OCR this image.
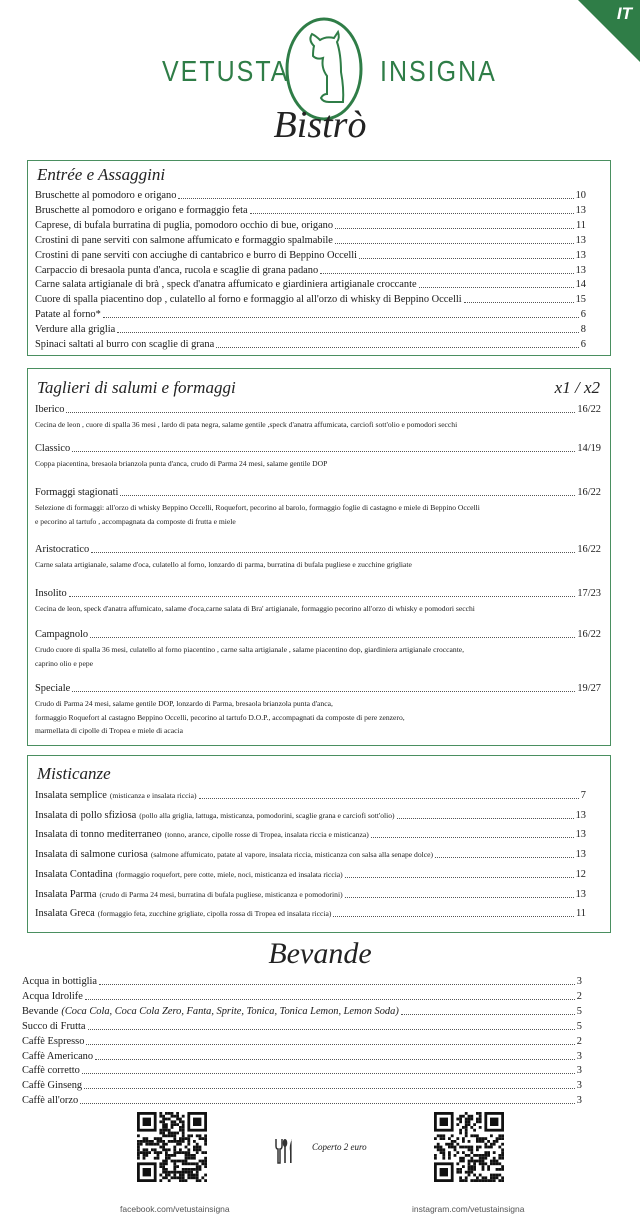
IT
VETUSTA	INSIGNA
Bistrò
Entrée e Assaggini
Taglieri di salumi e formaggi	x1 / x2
Misticanze
Bevande
Bruschette al pomodoro e origano	10
Bruschette al pomodoro e origano e formaggio feta	13
Caprese, di bufala burratina di puglia, pomodoro occhio di bue, origano	11
Crostini di pane serviti con salmone affumicato e formaggio spalmabile	13
Crostini di pane serviti con acciughe di cantabrico e burro di Beppino Occelli	13
Carpaccio di bresaola punta d'anca, rucola e scaglie di grana padano	13
Carne salata artigianale di brà , speck d'anatra affumicato e giardiniera artigianale croccante	14
Cuore di spalla piacentino dop , culatello al forno e formaggio al all'orzo di whisky di Beppino Occelli	15
Patate al forno*	6
Verdure alla griglia	8
Spinaci saltati al burro con scaglie di grana	6
Iberico	16/22
Cecina de leon , cuore di spalla 36 mesi , lardo di pata negra, salame gentile ,speck d'anatra affumicata, carciofi sott'olio e pomodori secchi
Classico	14/19
Coppa piacentina, bresaola brianzola punta d'anca, crudo di Parma 24 mesi, salame gentile DOP
Formaggi stagionati	16/22
Selezione di formaggi: all'orzo di whisky Beppino Occelli, Roquefort, pecorino al barolo, formaggio foglie di castagno e miele di Beppino Occelli
e pecorino al tartufo , accompagnata da composte di frutta e miele
Aristocratico	16/22
Carne salata artigianale, salame d'oca, culatello al forno, lonzardo di parma, burratina di bufala pugliese e zucchine grigliate
Insolito	17/23
Cecina de leon, speck d'anatra affumicato, salame d'oca,carne salata di Bra' artigianale, formaggio pecorino all'orzo di whisky e pomodori secchi
Campagnolo	16/22
Crudo cuore di spalla 36 mesi, culatello al forno piacentino , carne salta artigianale , salame piacentino dop, giardiniera artigianale croccante,
caprino olio e pepe
Speciale	19/27
Crudo di Parma 24 mesi, salame gentile DOP, lonzardo di Parma, bresaola brianzola punta d'anca,
formaggio Roquefort al castagno Beppino Occelli, pecorino al tartufo D.O.P., accompagnati da composte di pere zenzero,
marmellata di cipolle di Tropea e miele di acacia
Insalata semplice (misticanza e insalata riccia)	7
Insalata di pollo sfiziosa (pollo alla griglia, lattuga, misticanza, pomodorini, scaglie grana e carciofi sott'olio)	13
Insalata di tonno mediterraneo (tonno, arance, cipolle rosse di Tropea, insalata riccia e misticanza)	13
Insalata di salmone curiosa (salmone affumicato, patate al vapore, insalata riccia, misticanza con salsa alla senape dolce)	13
Insalata Contadina (formaggio roquefort, pere cotte, miele, noci, misticanza ed insalata riccia)	12
Insalata Parma (crudo di Parma 24 mesi, burratina di bufala pugliese, misticanza e pomodorini)	13
Insalata Greca (formaggio feta, zucchine grigliate, cipolla rossa di Tropea ed insalata riccia)	11
Acqua in bottiglia	3
Acqua Idrolife	2
Bevande (Coca Cola, Coca Cola Zero, Fanta, Sprite, Tonica, Tonica Lemon, Lemon Soda)	5
Succo di Frutta	5
Caffè Espresso	2
Caffè Americano	3
Caffè corretto	3
Caffè Ginseng	3
Caffè all'orzo	3
Coperto 2 euro
facebook.com/vetustainsigna	instagram.com/vetustainsigna
